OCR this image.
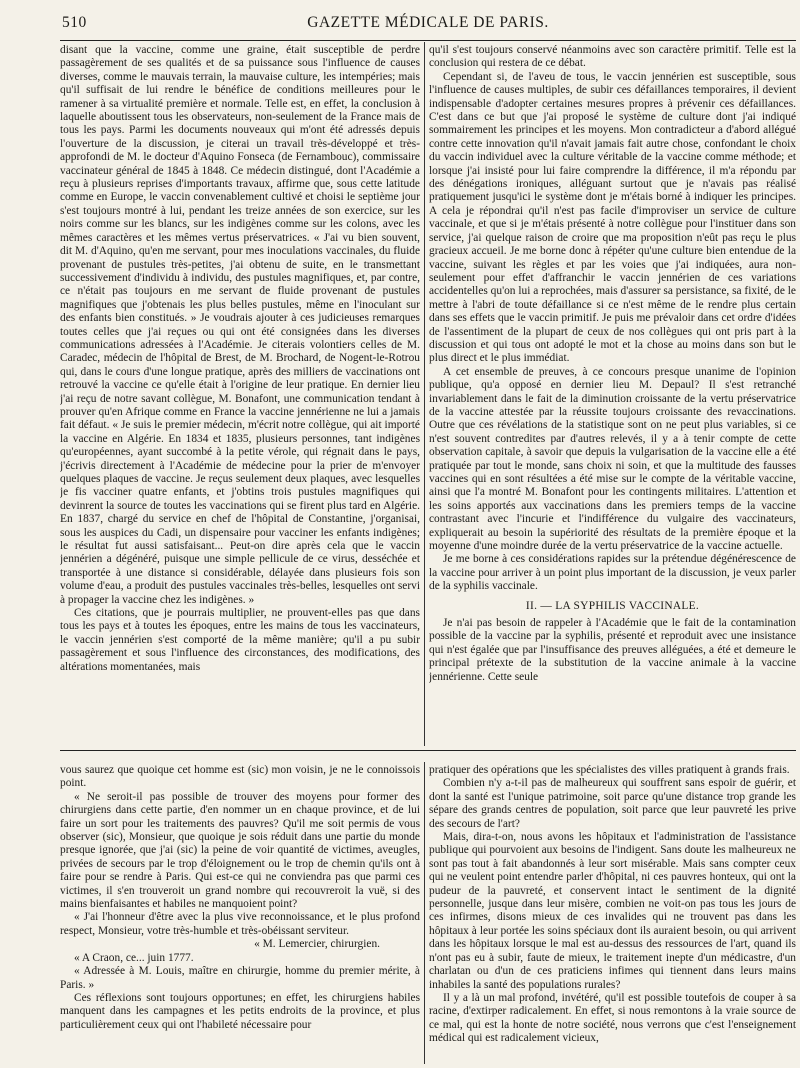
510	GAZETTE MÉDICALE DE PARIS.

disant que la vaccine, comme une graine, était susceptible de perdre passagèrement de ses qualités et de sa puissance sous l'influence de causes diverses, comme le mauvais terrain, la mauvaise culture, les intempéries; mais qu'il suffisait de lui rendre le bénéfice de conditions meilleures pour le ramener à sa virtualité première et normale. Telle est, en effet, la conclusion à laquelle aboutissent tous les observateurs, non-seulement de la France mais de tous les pays. Parmi les documents nouveaux qui m'ont été adressés depuis l'ouverture de la discussion, je citerai un travail très-développé et très-approfondi de M. le docteur d'Aquino Fonseca (de Fernambouc), commissaire vaccinateur général de 1845 à 1848. Ce médecin distingué, dont l'Académie a reçu à plusieurs reprises d'importants travaux, affirme que, sous cette latitude comme en Europe, le vaccin convenablement cultivé et choisi le septième jour s'est toujours montré à lui, pendant les treize années de son exercice, sur les noirs comme sur les blancs, sur les indigènes comme sur les colons, avec les mêmes caractères et les mêmes vertus préservatrices. « J'ai vu bien souvent, dit M. d'Aquino, qu'en me servant, pour mes inoculations vaccinales, du fluide provenant de pustules très-petites, j'ai obtenu de suite, en le transmettant successivement d'individu à individu, des pustules magnifiques, et, par contre, ce n'était pas toujours en me servant de fluide provenant de pustules magnifiques que j'obtenais les plus belles pustules, même en l'inoculant sur des enfants bien constitués. » Je voudrais ajouter à ces judicieuses remarques toutes celles que j'ai reçues ou qui ont été consignées dans les diverses communications adressées à l'Académie. Je citerais volontiers celles de M. Caradec, médecin de l'hôpital de Brest, de M. Brochard, de Nogent-le-Rotrou qui, dans le cours d'une longue pratique, après des milliers de vaccinations ont retrouvé la vaccine ce qu'elle était à l'origine de leur pratique. En dernier lieu j'ai reçu de notre savant collègue, M. Bonafont, une communication tendant à prouver qu'en Afrique comme en France la vaccine jennérienne ne lui a jamais fait défaut. « Je suis le premier médecin, m'écrit notre collègue, qui ait importé la vaccine en Algérie. En 1834 et 1835, plusieurs personnes, tant indigènes qu'européennes, ayant succombé à la petite vérole, qui régnait dans le pays, j'écrivis directement à l'Académie de médecine pour la prier de m'envoyer quelques plaques de vaccine. Je reçus seulement deux plaques, avec lesquelles je fis vacciner quatre enfants, et j'obtins trois pustules magnifiques qui devinrent la source de toutes les vaccinations qui se firent plus tard en Algérie. En 1837, chargé du service en chef de l'hôpital de Constantine, j'organisai, sous les auspices du Cadi, un dispensaire pour vacciner les enfants indigènes; le résultat fut aussi satisfaisant... Peut-on dire après cela que le vaccin jennérien a dégénéré, puisque une simple pellicule de ce virus, desséchée et transportée à une distance si considérable, délayée dans plusieurs fois son volume d'eau, a produit des pustules vaccinales très-belles, lesquelles ont servi à propager la vaccine chez les indigènes. »

Ces citations, que je pourrais multiplier, ne prouvent-elles pas que dans tous les pays et à toutes les époques, entre les mains de tous les vaccinateurs, le vaccin jennérien s'est comporté de la même manière; qu'il a pu subir passagèrement et sous l'influence des circonstances, des modifications, des altérations momentanées, mais

qu'il s'est toujours conservé néanmoins avec son caractère primitif. Telle est la conclusion qui restera de ce débat.

Cependant si, de l'aveu de tous, le vaccin jennérien est susceptible, sous l'influence de causes multiples, de subir ces défaillances temporaires, il devient indispensable d'adopter certaines mesures propres à prévenir ces défaillances. C'est dans ce but que j'ai proposé le système de culture dont j'ai indiqué sommairement les principes et les moyens. Mon contradicteur a d'abord allégué contre cette innovation qu'il n'avait jamais fait autre chose, confondant le choix du vaccin individuel avec la culture véritable de la vaccine comme méthode; et lorsque j'ai insisté pour lui faire comprendre la différence, il m'a répondu par des dénégations ironiques, alléguant surtout que je n'avais pas réalisé pratiquement jusqu'ici le système dont je m'étais borné à indiquer les principes. A cela je répondrai qu'il n'est pas facile d'improviser un service de culture vaccinale, et que si je m'étais présenté à notre collègue pour l'instituer dans son service, j'ai quelque raison de croire que ma proposition n'eût pas reçu le plus gracieux accueil. Je me borne donc à répéter qu'une culture bien entendue de la vaccine, suivant les règles et par les voies que j'ai indiquées, aura non-seulement pour effet d'affranchir le vaccin jennérien de ces variations accidentelles qu'on lui a reprochées, mais d'assurer sa persistance, sa fixité, de le mettre à l'abri de toute défaillance si ce n'est même de le rendre plus certain dans ses effets que le vaccin primitif. Je puis me prévaloir dans cet ordre d'idées de l'assentiment de la plupart de ceux de nos collègues qui ont pris part à la discussion et qui tous ont adopté le mot et la chose au moins dans son but le plus direct et le plus immédiat.

A cet ensemble de preuves, à ce concours presque unanime de l'opinion publique, qu'a opposé en dernier lieu M. Depaul? Il s'est retranché invariablement dans le fait de la diminution croissante de la vertu préservatrice de la vaccine attestée par la réussite toujours croissante des revaccinations. Outre que ces révélations de la statistique sont on ne peut plus variables, si ce n'est souvent contredites par d'autres relevés, il y a à tenir compte de cette observation capitale, à savoir que depuis la vulgarisation de la vaccine elle a été pratiquée par tout le monde, sans choix ni soin, et que la multitude des fausses vaccines qui en sont résultées a été mise sur le compte de la véritable vaccine, ainsi que l'a montré M. Bonafont pour les contingents militaires. L'attention et les soins apportés aux vaccinations dans les premiers temps de la vaccine contrastant avec l'incurie et l'indifférence du vulgaire des vaccinateurs, expliquerait au besoin la supériorité des résultats de la première époque et la moyenne d'une moindre durée de la vertu préservatrice de la vaccine actuelle.

Je me borne à ces considérations rapides sur la prétendue dégénérescence de la vaccine pour arriver à un point plus important de la discussion, je veux parler de la syphilis vaccinale.

II. — LA SYPHILIS VACCINALE.

Je n'ai pas besoin de rappeler à l'Académie que le fait de la contamination possible de la vaccine par la syphilis, présenté et reproduit avec une insistance qui n'est égalée que par l'insuffisance des preuves alléguées, a été et demeure le principal prétexte de la substitution de la vaccine animale à la vaccine jennérienne. Cette seule

vous saurez que quoique cet homme est (sic) mon voisin, je ne le connoissois point.

« Ne seroit-il pas possible de trouver des moyens pour former des chirurgiens dans cette partie, d'en nommer un en chaque province, et de lui faire un sort pour les traitements des pauvres? Qu'il me soit permis de vous observer (sic), Monsieur, que quoique je sois réduit dans une partie du monde presque ignorée, que j'ai (sic) la peine de voir quantité de victimes, aveugles, privées de secours par le trop d'éloignement ou le trop de chemin qu'ils ont à faire pour se rendre à Paris. Qui est-ce qui ne conviendra pas que parmi ces victimes, il s'en trouveroit un grand nombre qui recouvreroit la vuë, si des mains bienfaisantes et habiles ne manquoient point?

« J'ai l'honneur d'être avec la plus vive reconnoissance, et le plus profond respect, Monsieur, votre très-humble et très-obéissant serviteur.

« M. Lemercier, chirurgien.

« A Craon, ce... juin 1777.

« Adressée à M. Louis, maître en chirurgie, homme du premier mérite, à Paris. »

Ces réflexions sont toujours opportunes; en effet, les chirurgiens habiles manquent dans les campagnes et les petits endroits de la province, et plus particulièrement ceux qui ont l'habileté nécessaire pour

pratiquer des opérations que les spécialistes des villes pratiquent à grands frais.

Combien n'y a-t-il pas de malheureux qui souffrent sans espoir de guérir, et dont la santé est l'unique patrimoine, soit parce qu'une distance trop grande les sépare des grands centres de population, soit parce que leur pauvreté les prive des secours de l'art?

Mais, dira-t-on, nous avons les hôpitaux et l'administration de l'assistance publique qui pourvoient aux besoins de l'indigent. Sans doute les malheureux ne sont pas tout à fait abandonnés à leur sort misérable. Mais sans compter ceux qui ne veulent point entendre parler d'hôpital, ni ces pauvres honteux, qui ont la pudeur de la pauvreté, et conservent intact le sentiment de la dignité personnelle, jusque dans leur misère, combien ne voit-on pas tous les jours de ces infirmes, disons mieux de ces invalides qui ne trouvent pas dans les hôpitaux à leur portée les soins spéciaux dont ils auraient besoin, ou qui arrivent dans les hôpitaux lorsque le mal est au-dessus des ressources de l'art, quand ils n'ont pas eu à subir, faute de mieux, le traitement inepte d'un médicastre, d'un charlatan ou d'un de ces praticiens infimes qui tiennent dans leurs mains inhabiles la santé des populations rurales?

Il y a là un mal profond, invétéré, qu'il est possible toutefois de couper à sa racine, d'extirper radicalement. En effet, si nous remontons à la vraie source de ce mal, qui est la honte de notre société, nous verrons que c'est l'enseignement médical qui est radicalement vicieux,
